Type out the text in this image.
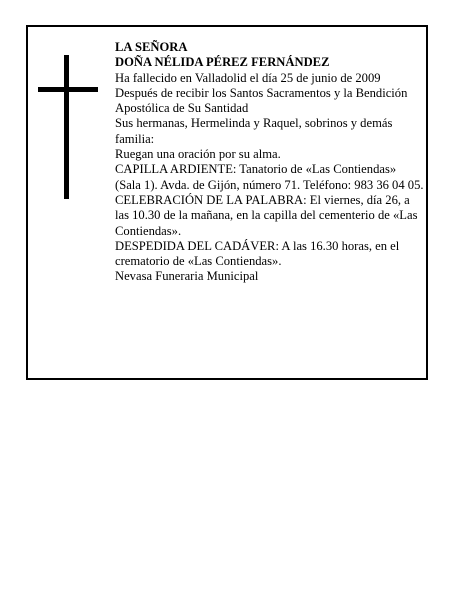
LA SEÑORA

DOÑA NÉLIDA PÉREZ FERNÁNDEZ

Ha fallecido en Valladolid el día 25 de junio de 2009

Después de recibir los Santos Sacramentos y la Bendición Apostólica de Su Santidad

Sus hermanas, Hermelinda y Raquel, sobrinos y demás familia:

Ruegan una oración por su alma.

CAPILLA ARDIENTE: Tanatorio de «Las Contiendas» (Sala 1). Avda. de Gijón, número 71. Teléfono: 983 36 04 05.

CELEBRACIÓN DE LA PALABRA: El viernes, día 26, a las 10.30 de la mañana, en la capilla del cementerio de «Las Contiendas».

DESPEDIDA DEL CADÁVER: A las 16.30 horas, en el crematorio de «Las Contiendas».

Nevasa Funeraria Municipal
